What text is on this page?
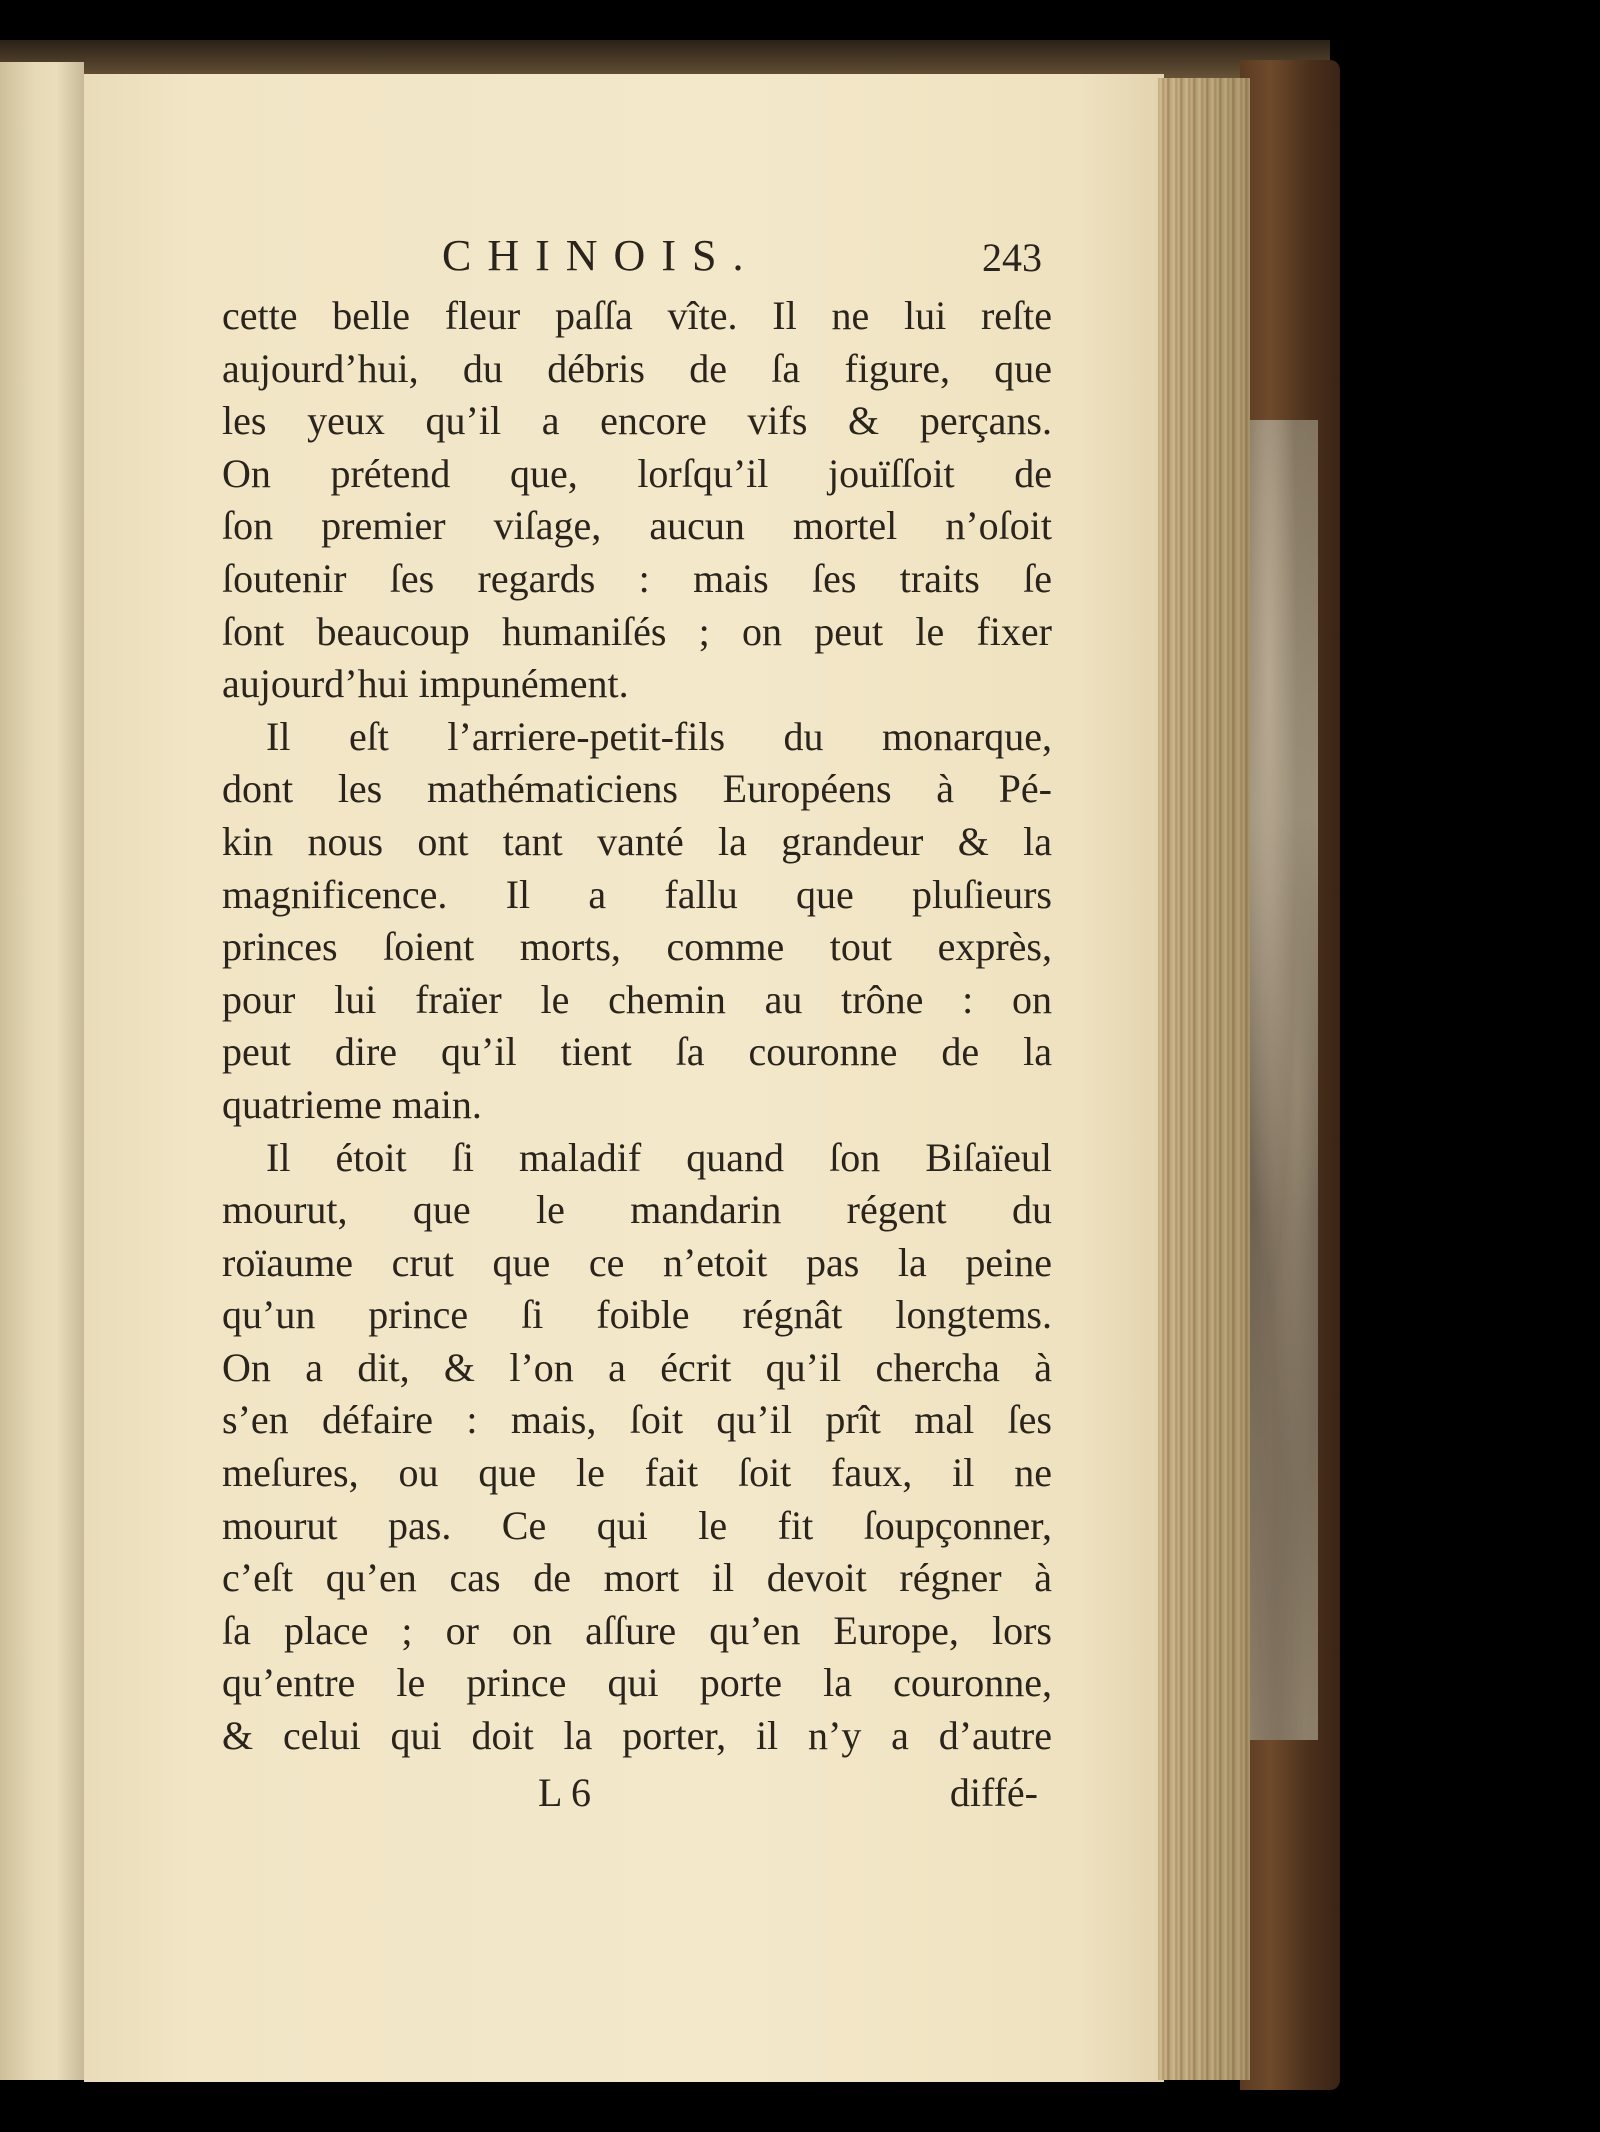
CHINOIS.	243
cette belle fleur paſſa vîte. Il ne lui reſte
aujourd’hui, du débris de ſa figure, que
les yeux qu’il a encore vifs & perçans.
On prétend que, lorſqu’il jouïſſoit de
ſon premier viſage, aucun mortel n’oſoit
ſoutenir ſes regards : mais ſes traits ſe
ſont beaucoup humaniſés ; on peut le fixer
aujourd’hui impunément.
Il eſt l’arriere-petit-fils du monarque,
dont les mathématiciens Européens à Pé-
kin nous ont tant vanté la grandeur & la
magnificence. Il a fallu que pluſieurs
princes ſoient morts, comme tout exprès,
pour lui fraïer le chemin au trône : on
peut dire qu’il tient ſa couronne de la
quatrieme main.
Il étoit ſi maladif quand ſon Biſaïeul
mourut, que le mandarin régent du
roïaume crut que ce n’etoit pas la peine
qu’un prince ſi foible régnât longtems.
On a dit, & l’on a écrit qu’il chercha à
s’en défaire : mais, ſoit qu’il prît mal ſes
meſures, ou que le fait ſoit faux, il ne
mourut pas. Ce qui le fit ſoupçonner,
c’eſt qu’en cas de mort il devoit régner à
ſa place ; or on aſſure qu’en Europe, lors
qu’entre le prince qui porte la couronne,
& celui qui doit la porter, il n’y a d’autre
L 6	diffé-
